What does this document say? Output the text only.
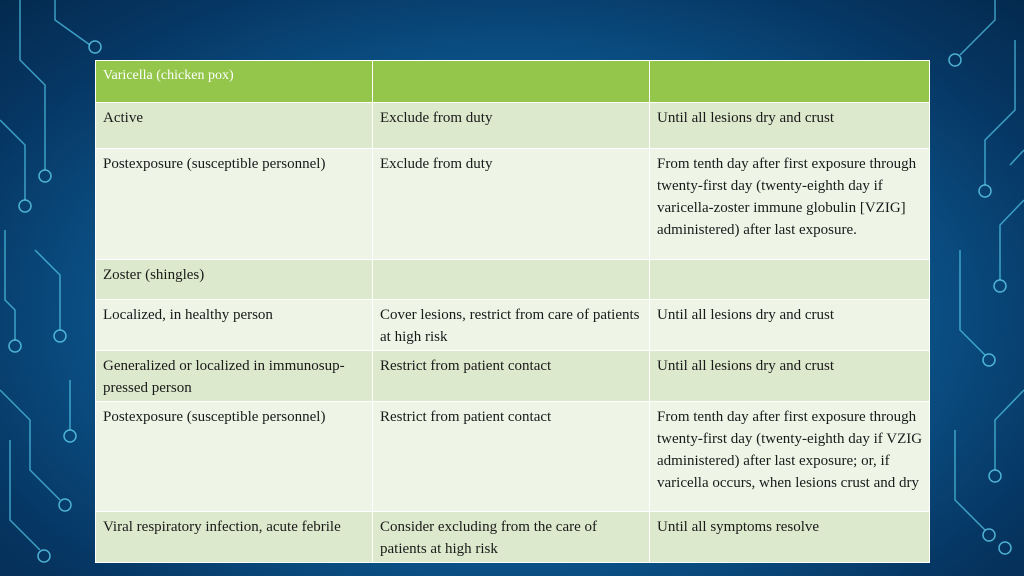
Varicella (chicken pox)		
Active	Exclude from duty	Until all lesions dry and crust
Postexposure (susceptible personnel)	Exclude from duty	From tenth day after first exposure through twenty-first day (twenty-eighth day if varicella-zoster immune globulin [VZIG] administered) after last exposure.
Zoster (shingles)		
Localized, in healthy person	Cover lesions, restrict from care of patients at high risk	Until all lesions dry and crust
Generalized or localized in immunosup- pressed person	Restrict from patient contact	Until all lesions dry and crust
Postexposure (susceptible personnel)	Restrict from patient contact	From tenth day after first exposure through twenty-first day (twenty-eighth day if VZIG administered) after last exposure; or, if varicella occurs, when lesions crust and dry
Viral respiratory infection, acute febrile	Consider excluding from the care of patients at high risk	Until all symptoms resolve
